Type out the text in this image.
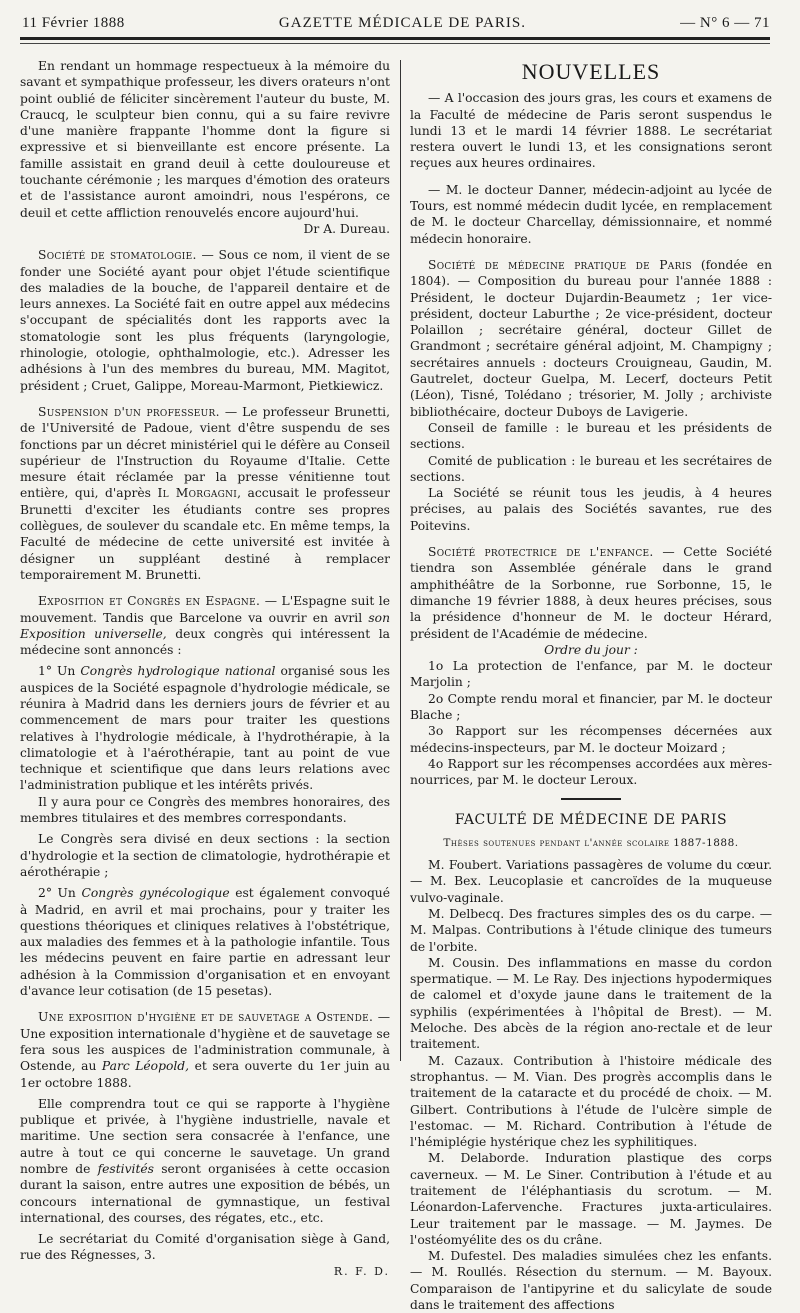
11 Février 1888	GAZETTE MÉDICALE DE PARIS.	— N° 6 — 71

En rendant un hommage respectueux à la mémoire du savant et sympathique professeur, les divers orateurs n'ont point oublié de féliciter sincèrement l'auteur du buste, M. Craucq, le sculpteur bien connu, qui a su faire revivre d'une manière frappante l'homme dont la figure si expressive et si bienveillante est encore présente. La famille assistait en grand deuil à cette douloureuse et touchante cérémonie ; les marques d'émotion des orateurs et de l'assistance auront amoindri, nous l'espérons, ce deuil et cette affliction renouvelés encore aujourd'hui.

Dr A. Dureau.

Société de stomatologie. — Sous ce nom, il vient de se fonder une Société ayant pour objet l'étude scientifique des maladies de la bouche, de l'appareil dentaire et de leurs annexes. La Société fait en outre appel aux médecins s'occupant de spécialités dont les rapports avec la stomatologie sont les plus fréquents (laryngologie, rhinologie, otologie, ophthalmologie, etc.). Adresser les adhésions à l'un des membres du bureau, MM. Magitot, président ; Cruet, Galippe, Moreau-Marmont, Pietkiewicz.

Suspension d'un professeur. — Le professeur Brunetti, de l'Université de Padoue, vient d'être suspendu de ses fonctions par un décret ministériel qui le défère au Conseil supérieur de l'Instruction du Royaume d'Italie. Cette mesure était réclamée par la presse vénitienne tout entière, qui, d'après Il Morgagni, accusait le professeur Brunetti d'exciter les étudiants contre ses propres collègues, de soulever du scandale etc. En même temps, la Faculté de médecine de cette université est invitée à désigner un suppléant destiné à remplacer temporairement M. Brunetti.

Exposition et Congrès en Espagne. — L'Espagne suit le mouvement. Tandis que Barcelone va ouvrir en avril son Exposition universelle, deux congrès qui intéressent la médecine sont annoncés :

1° Un Congrès hydrologique national organisé sous les auspices de la Société espagnole d'hydrologie médicale, se réunira à Madrid dans les derniers jours de février et au commencement de mars pour traiter les questions relatives à l'hydrologie médicale, à l'hydrothérapie, à la climatologie et à l'aérothérapie, tant au point de vue technique et scientifique que dans leurs relations avec l'administration publique et les intérêts privés.

Il y aura pour ce Congrès des membres honoraires, des membres titulaires et des membres correspondants.

Le Congrès sera divisé en deux sections : la section d'hydrologie et la section de climatologie, hydrothérapie et aérothérapie ;

2° Un Congrès gynécologique est également convoqué à Madrid, en avril et mai prochains, pour y traiter les questions théoriques et cliniques relatives à l'obstétrique, aux maladies des femmes et à la pathologie infantile. Tous les médecins peuvent en faire partie en adressant leur adhésion à la Commission d'organisation et en envoyant d'avance leur cotisation (de 15 pesetas).

Une exposition d'hygiène et de sauvetage a Ostende. — Une exposition internationale d'hygiène et de sauvetage se fera sous les auspices de l'administration communale, à Ostende, au Parc Léopold, et sera ouverte du 1er juin au 1er octobre 1888.

Elle comprendra tout ce qui se rapporte à l'hygiène publique et privée, à l'hygiène industrielle, navale et maritime. Une section sera consacrée à l'enfance, une autre à tout ce qui concerne le sauvetage. Un grand nombre de festivités seront organisées à cette occasion durant la saison, entre autres une exposition de bébés, un concours international de gymnastique, un festival international, des courses, des régates, etc., etc.

Le secrétariat du Comité d'organisation siège à Gand, rue des Régnesses, 3.

R. F. D.

NOUVELLES

— A l'occasion des jours gras, les cours et examens de la Faculté de médecine de Paris seront suspendus le lundi 13 et le mardi 14 février 1888. Le secrétariat restera ouvert le lundi 13, et les consignations seront reçues aux heures ordinaires.

— M. le docteur Danner, médecin-adjoint au lycée de Tours, est nommé médecin dudit lycée, en remplacement de M. le docteur Charcellay, démissionnaire, et nommé médecin honoraire.

Société de médecine pratique de Paris (fondée en 1804). — Composition du bureau pour l'année 1888 : Président, le docteur Dujardin-Beaumetz ; 1er vice-président, docteur Laburthe ; 2e vice-président, docteur Polaillon ; secrétaire général, docteur Gillet de Grandmont ; secrétaire général adjoint, M. Champigny ; secrétaires annuels : docteurs Crouigneau, Gaudin, M. Gautrelet, docteur Guelpa, M. Lecerf, docteurs Petit (Léon), Tisné, Tolédano ; trésorier, M. Jolly ; archiviste bibliothécaire, docteur Duboys de Lavigerie.

Conseil de famille : le bureau et les présidents de sections.

Comité de publication : le bureau et les secrétaires de sections.

La Société se réunit tous les jeudis, à 4 heures précises, au palais des Sociétés savantes, rue des Poitevins.

Société protectrice de l'enfance. — Cette Société tiendra son Assemblée générale dans le grand amphithéâtre de la Sorbonne, rue Sorbonne, 15, le dimanche 19 février 1888, à deux heures précises, sous la présidence d'honneur de M. le docteur Hérard, président de l'Académie de médecine.

Ordre du jour :

1o La protection de l'enfance, par M. le docteur Marjolin ;

2o Compte rendu moral et financier, par M. le docteur Blache ;

3o Rapport sur les récompenses décernées aux médecins-inspecteurs, par M. le docteur Moizard ;

4o Rapport sur les récompenses accordées aux mères-nourrices, par M. le docteur Leroux.

FACULTÉ DE MÉDECINE DE PARIS
Thèses soutenues pendant l'année scolaire 1887-1888.

M. Foubert. Variations passagères de volume du cœur. — M. Bex. Leucoplasie et cancroïdes de la muqueuse vulvo-vaginale.

M. Delbecq. Des fractures simples des os du carpe. — M. Malpas. Contributions à l'étude clinique des tumeurs de l'orbite.

M. Cousin. Des inflammations en masse du cordon spermatique. — M. Le Ray. Des injections hypodermiques de calomel et d'oxyde jaune dans le traitement de la syphilis (expérimentées à l'hôpital de Brest). — M. Meloche. Des abcès de la région ano-rectale et de leur traitement.

M. Cazaux. Contribution à l'histoire médicale des strophantus. — M. Vian. Des progrès accomplis dans le traitement de la cataracte et du procédé de choix. — M. Gilbert. Contributions à l'étude de l'ulcère simple de l'estomac. — M. Richard. Contribution à l'étude de l'hémiplégie hystérique chez les syphilitiques.

M. Delaborde. Induration plastique des corps caverneux. — M. Le Siner. Contribution à l'étude et au traitement de l'éléphantiasis du scrotum. — M. Léonardon-Lafervenche. Fractures juxta-articulaires. Leur traitement par le massage. — M. Jaymes. De l'ostéomyélite des os du crâne.

M. Dufestel. Des maladies simulées chez les enfants. — M. Roullés. Résection du sternum. — M. Bayoux. Comparaison de l'antipyrine et du salicylate de soude dans le traitement des affections
